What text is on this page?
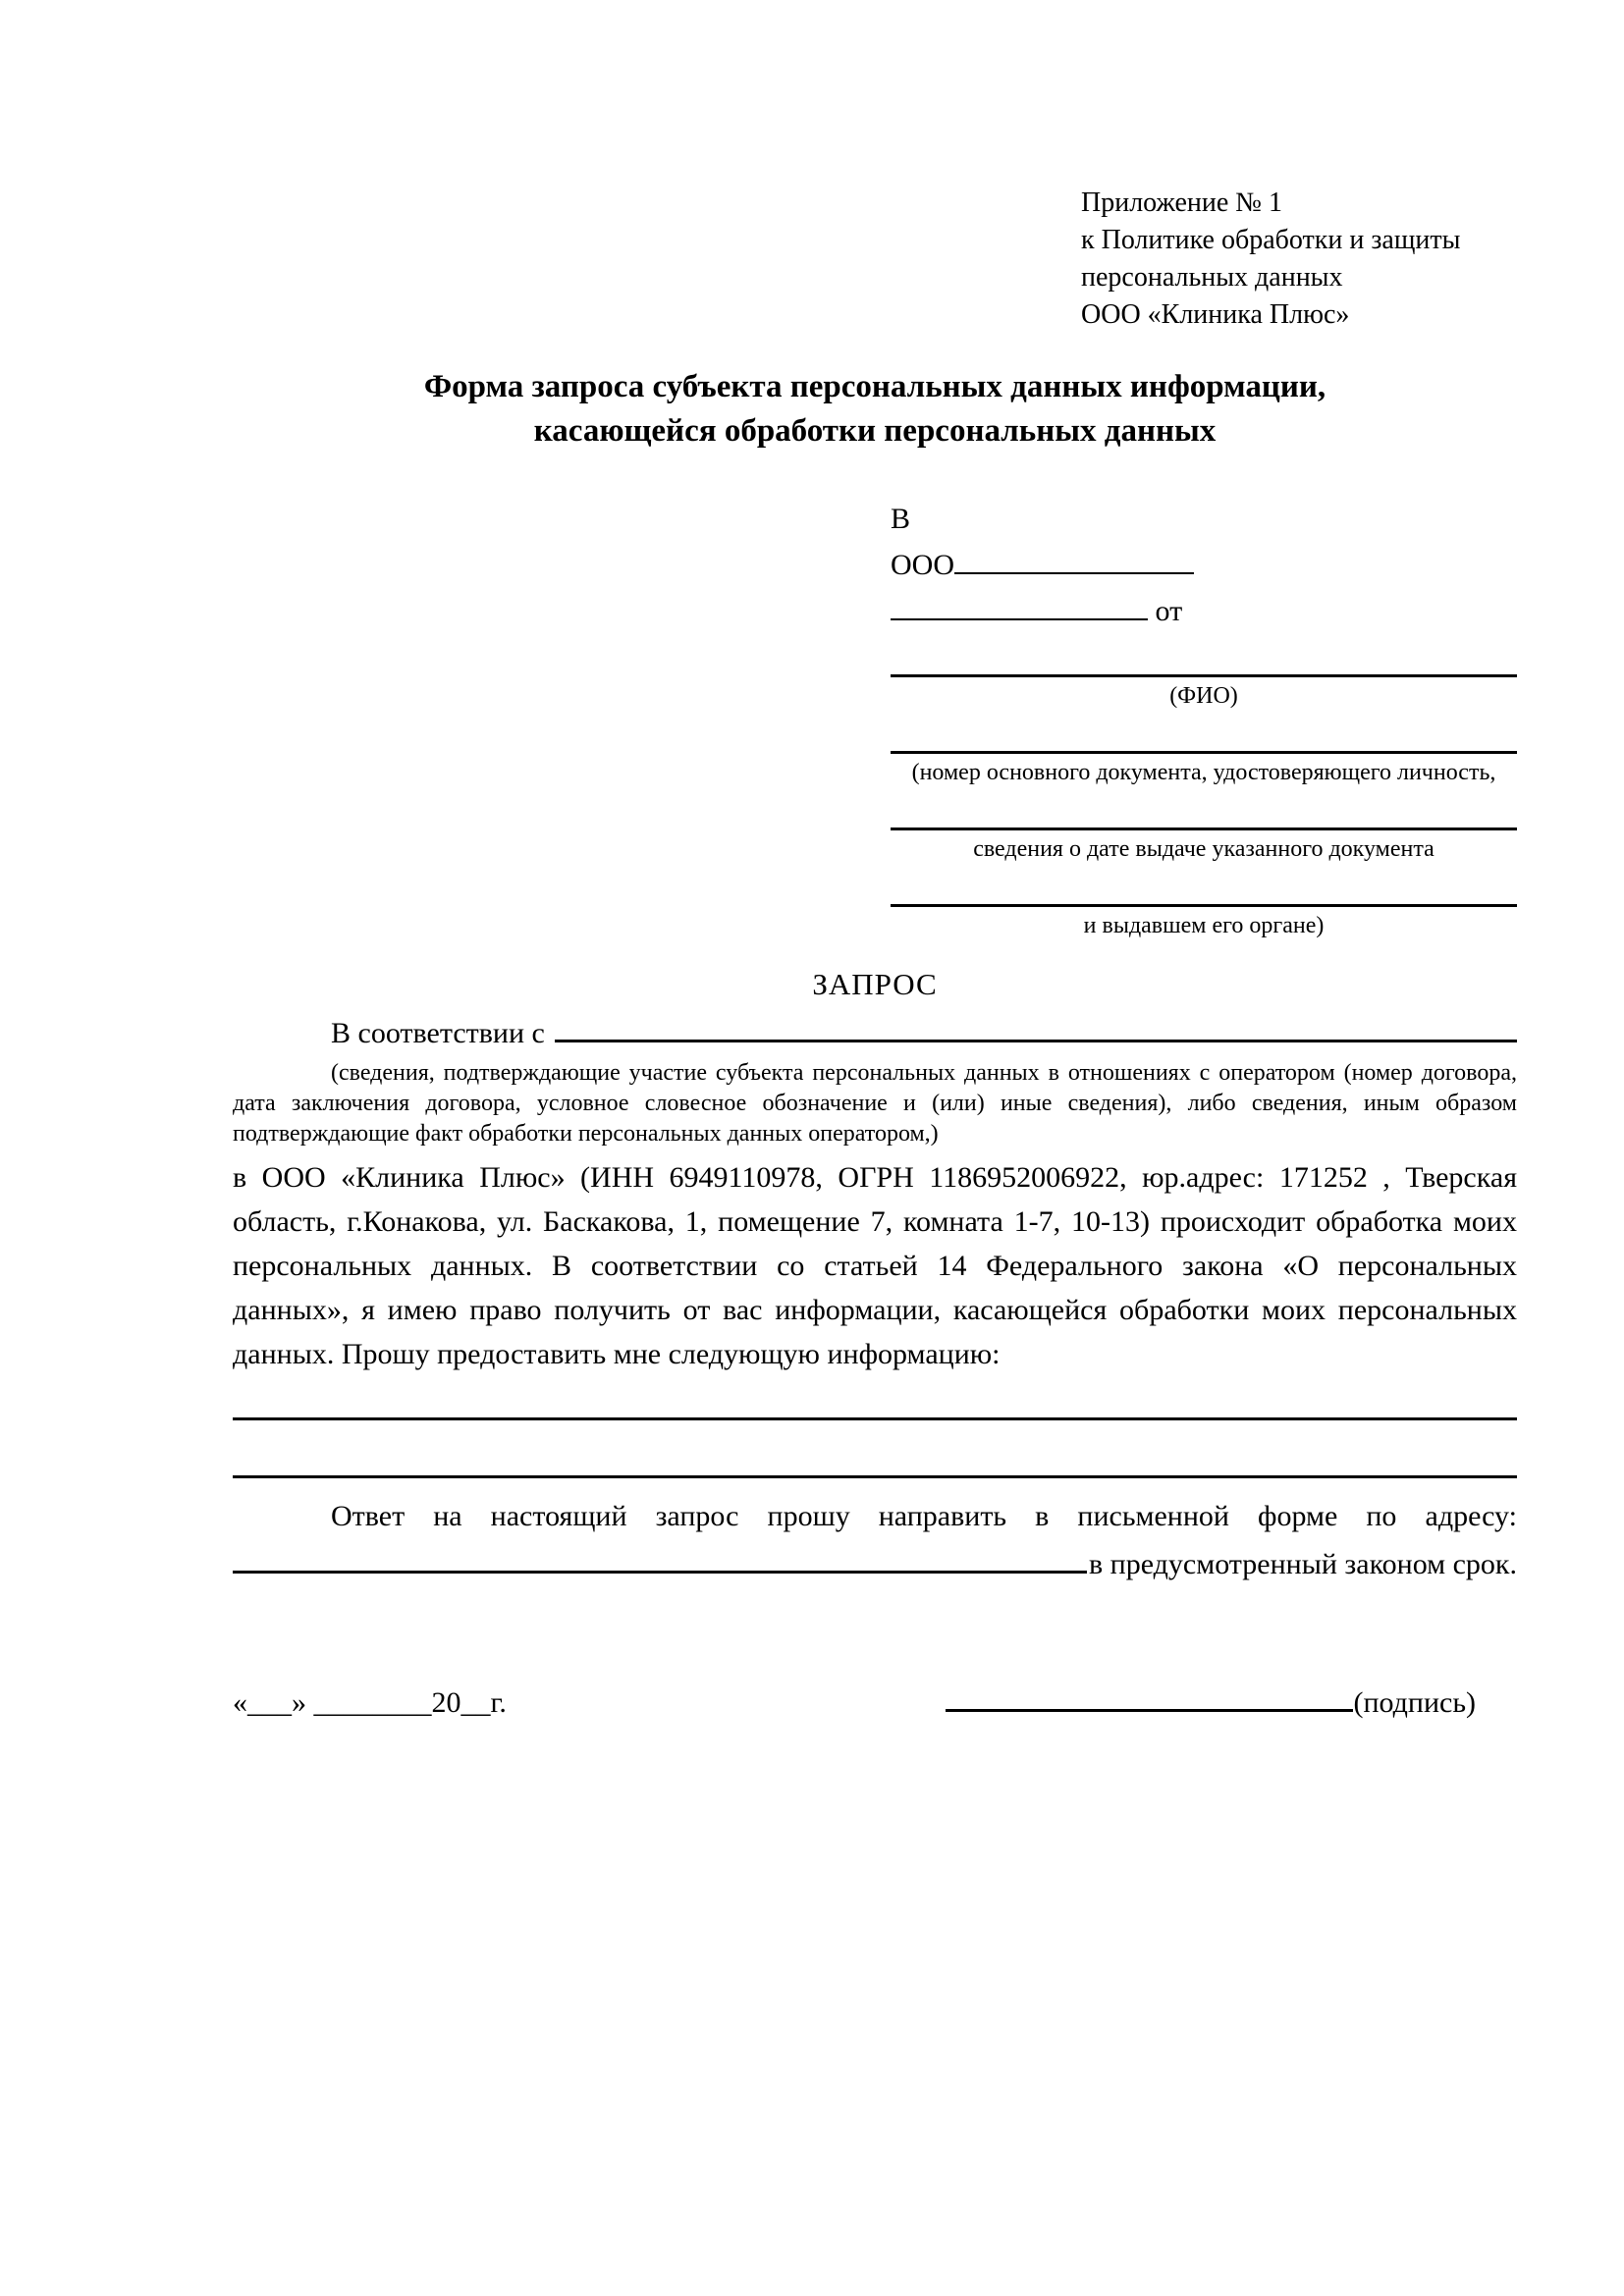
Приложение № 1
к Политике обработки и защиты
персональных данных
ООО «Клиника Плюс»
Форма запроса субъекта персональных данных информации,
касающейся обработки персональных данных
В
ООО
от
(ФИО)
(номер основного документа, удостоверяющего личность,
сведения о дате выдаче указанного документа
и выдавшем его органе)
ЗАПРОС
В соответствии с

(сведения, подтверждающие участие субъекта персональных данных в отношениях с оператором (номер договора, дата заключения договора, условное словесное обозначение и (или) иные сведения), либо сведения, иным образом подтверждающие факт обработки персональных данных оператором,)

в ООО «Клиника Плюс» (ИНН 6949110978, ОГРН 1186952006922, юр.адрес: 171252 , Тверская область, г.Конакова, ул. Баскакова, 1, помещение 7, комната 1-7, 10-13) происходит обработка моих персональных данных. В соответствии со статьей 14 Федерального закона «О персональных данных», я имею право получить от вас информации, касающейся обработки моих персональных данных. Прошу предоставить мне следующую информацию:

Ответ на настоящий запрос прошу направить в письменной форме по адресу:

в предусмотренный законом срок.
«___» ________20__г.	(подпись)
